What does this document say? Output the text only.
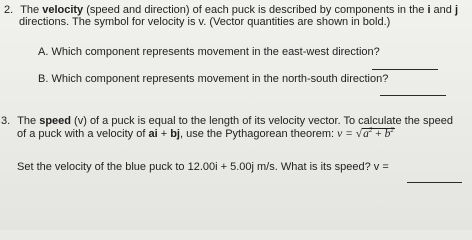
2. The velocity (speed and direction) of each puck is described by components in the i and j
directions. The symbol for velocity is v. (Vector quantities are shown in bold.)
A. Which component represents movement in the east-west direction?
B. Which component represents movement in the north-south direction?
3. The speed (v) of a puck is equal to the length of its velocity vector. To calculate the speed
of a puck with a velocity of ai + bj, use the Pythagorean theorem: $v = √a^2 + b^2$
Set the velocity of the blue puck to 12.00i + 5.00j m/s. What is its speed? v =
